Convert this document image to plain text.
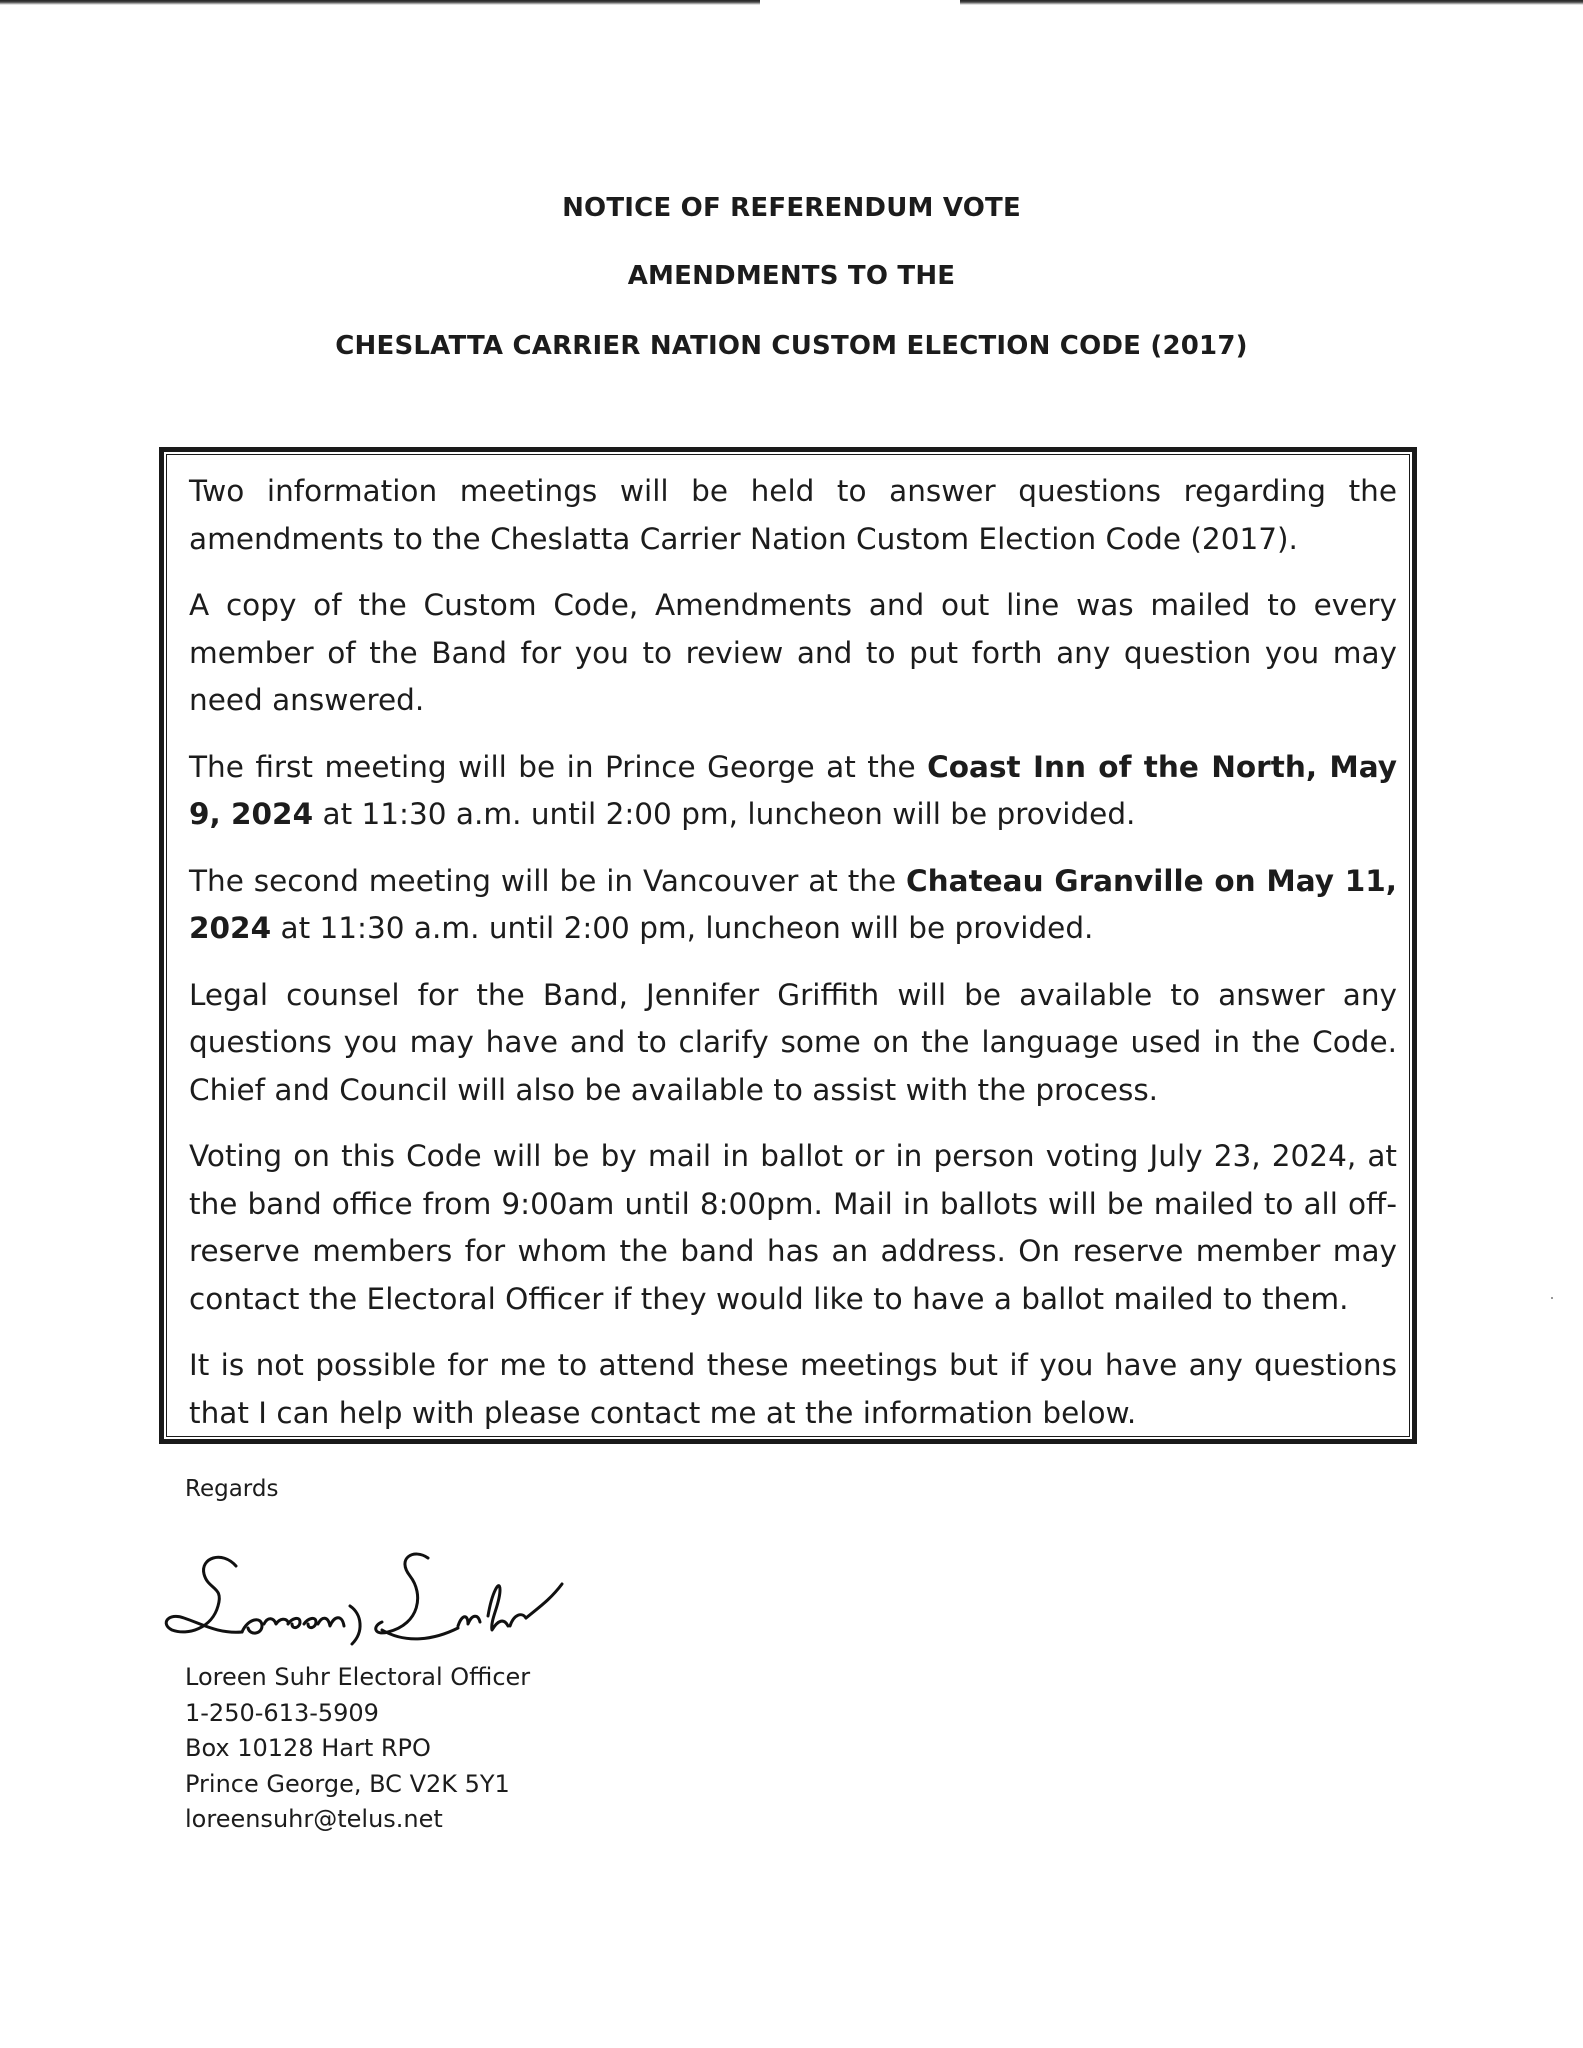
NOTICE OF REFERENDUM VOTE
AMENDMENTS TO THE
CHESLATTA CARRIER NATION CUSTOM ELECTION CODE (2017)

Two information meetings will be held to answer questions regarding the amendments to the Cheslatta Carrier Nation Custom Election Code (2017).

A copy of the Custom Code, Amendments and out line was mailed to every member of the Band for you to review and to put forth any question you may need answered.

The first meeting will be in Prince George at the Coast Inn of the North, May 9, 2024 at 11:30 a.m. until 2:00 pm, luncheon will be provided.

The second meeting will be in Vancouver at the Chateau Granville on May 11, 2024 at 11:30 a.m. until 2:00 pm, luncheon will be provided.

Legal counsel for the Band, Jennifer Griffith will be available to answer any questions you may have and to clarify some on the language used in the Code. Chief and Council will also be available to assist with the process.

Voting on this Code will be by mail in ballot or in person voting July 23, 2024, at the band office from 9:00am until 8:00pm. Mail in ballots will be mailed to all off-reserve members for whom the band has an address. On reserve member may contact the Electoral Officer if they would like to have a ballot mailed to them.

It is not possible for me to attend these meetings but if you have any questions that I can help with please contact me at the information below.

Regards
Loreen Suhr Electoral Officer
1-250-613-5909
Box 10128 Hart RPO
Prince George, BC V2K 5Y1
loreensuhr@telus.net
